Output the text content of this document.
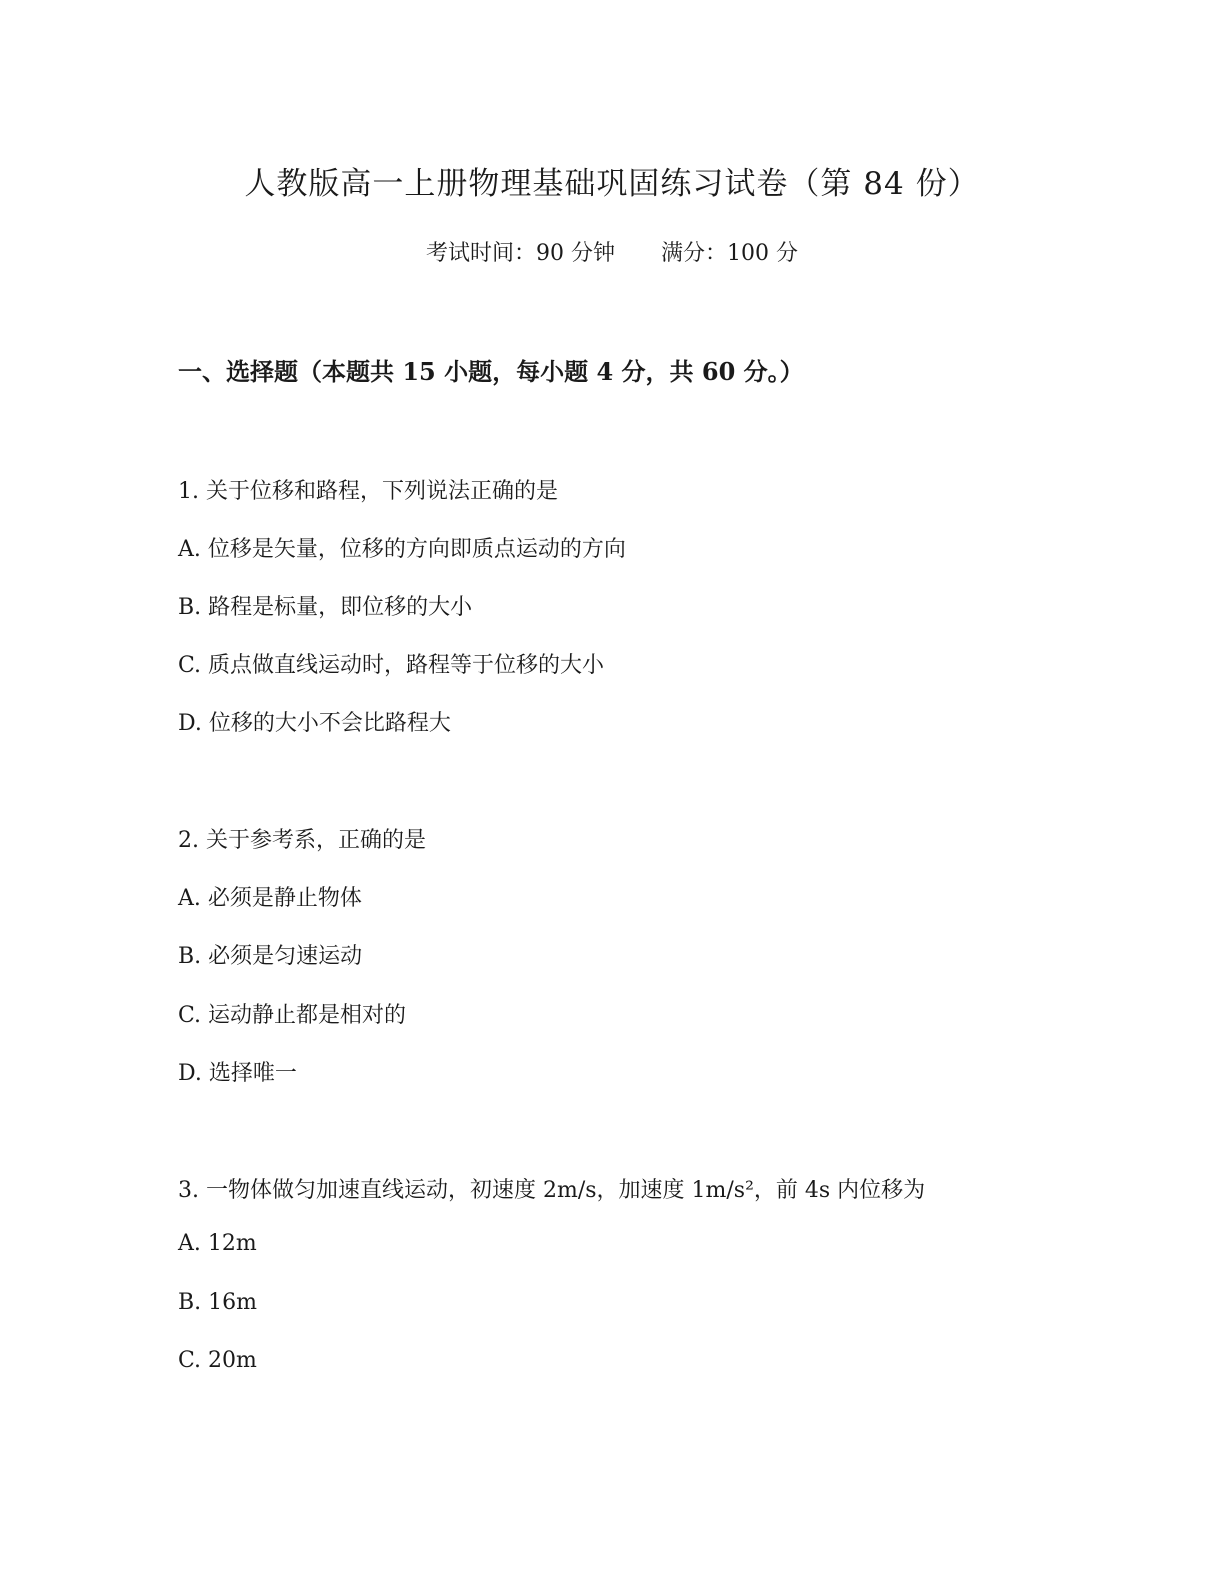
人教版高一上册物理基础巩固练习试卷（第 84 份）
考试时间：90 分钟 满分：100 分
一、选择题（本题共 15 小题，每小题 4 分，共 60 分。）
1. 关于位移和路程，下列说法正确的是
A. 位移是矢量，位移的方向即质点运动的方向
B. 路程是标量，即位移的大小
C. 质点做直线运动时，路程等于位移的大小
D. 位移的大小不会比路程大
2. 关于参考系，正确的是
A. 必须是静止物体
B. 必须是匀速运动
C. 运动静止都是相对的
D. 选择唯一
3. 一物体做匀加速直线运动，初速度 2m/s，加速度 1m/s²，前 4s 内位移为
A. 12m
B. 16m
C. 20m
